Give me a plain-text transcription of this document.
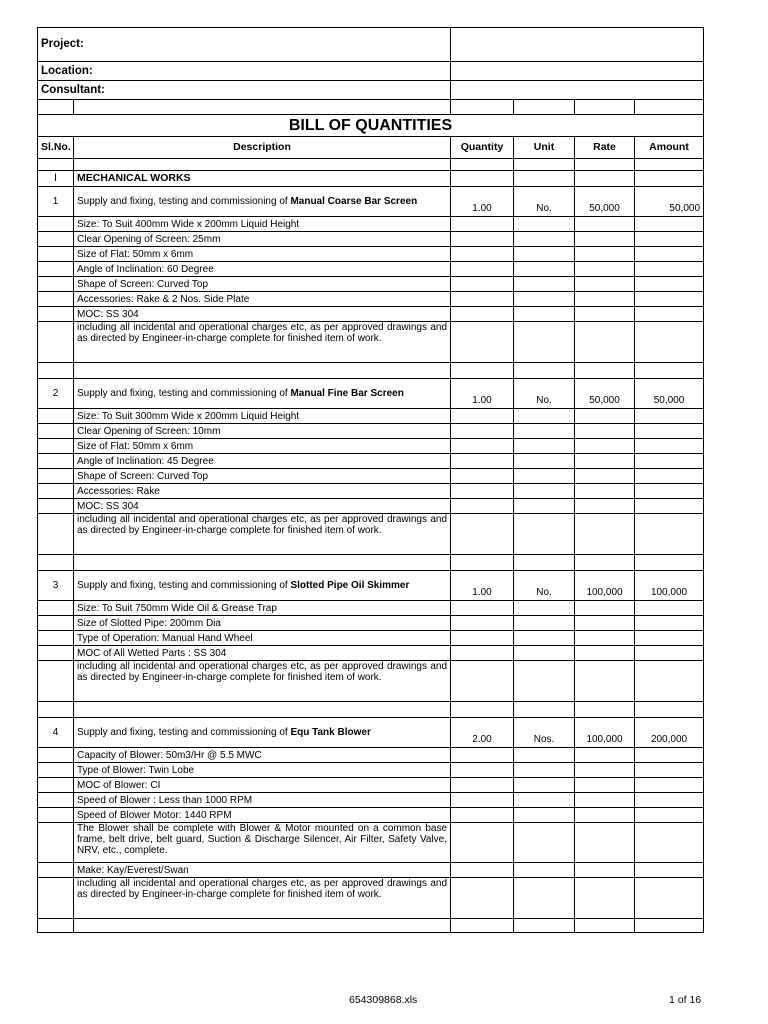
Project:					
Location:					
Consultant:					

BILL OF QUANTITIES					
Sl.No.	Description	Quantity	Unit	Rate	Amount

I	MECHANICAL WORKS				
1	Supply and fixing, testing and commissioning of Manual Coarse Bar Screen	1.00	No.	50,000	50,000
	Size: To Suit 400mm Wide x 200mm Liquid Height				
	Clear Opening of Screen: 25mm				
	Size of Flat: 50mm x 6mm				
	Angle of Inclination: 60 Degree				
	Shape of Screen: Curved Top				
	Accessories: Rake & 2 Nos. Side Plate				
	MOC: SS 304				
	including all incidental and operational charges etc, as per approved drawings and as directed by Engineer-in-charge complete for finished item of work.				

2	Supply and fixing, testing and commissioning of Manual Fine Bar Screen	1.00	No.	50,000	50,000
	Size: To Suit 300mm Wide x 200mm Liquid Height				
	Clear Opening of Screen: 10mm				
	Size of Flat: 50mm x 6mm				
	Angle of Inclination: 45 Degree				
	Shape of Screen: Curved Top				
	Accessories: Rake				
	MOC: SS 304				
	including all incidental and operational charges etc, as per approved drawings and as directed by Engineer-in-charge complete for finished item of work.				

3	Supply and fixing, testing and commissioning of Slotted Pipe Oil Skimmer	1.00	No.	100,000	100,000
	Size: To Suit 750mm Wide Oil & Grease Trap				
	Size of Slotted Pipe: 200mm Dia				
	Type of Operation: Manual Hand Wheel				
	MOC of All Wetted Parts : SS 304				
	including all incidental and operational charges etc, as per approved drawings and as directed by Engineer-in-charge complete for finished item of work.				

4	Supply and fixing, testing and commissioning of Equ Tank Blower	2.00	Nos.	100,000	200,000
	Capacity of Blower: 50m3/Hr @ 5.5 MWC				
	Type of Blower: Twin Lobe				
	MOC of Blower: CI				
	Speed of Blower : Less than 1000 RPM				
	Speed of Blower Motor: 1440 RPM				
	The Blower shall be complete with Blower & Motor mounted on a common base frame, belt drive, belt guard, Suction & Discharge Silencer, Air Filter, Safety Valve, NRV, etc., complete.				
	Make: Kay/Everest/Swan				
	including all incidental and operational charges etc, as per approved drawings and as directed by Engineer-in-charge complete for finished item of work.				

654309868.xls	1 of 16
